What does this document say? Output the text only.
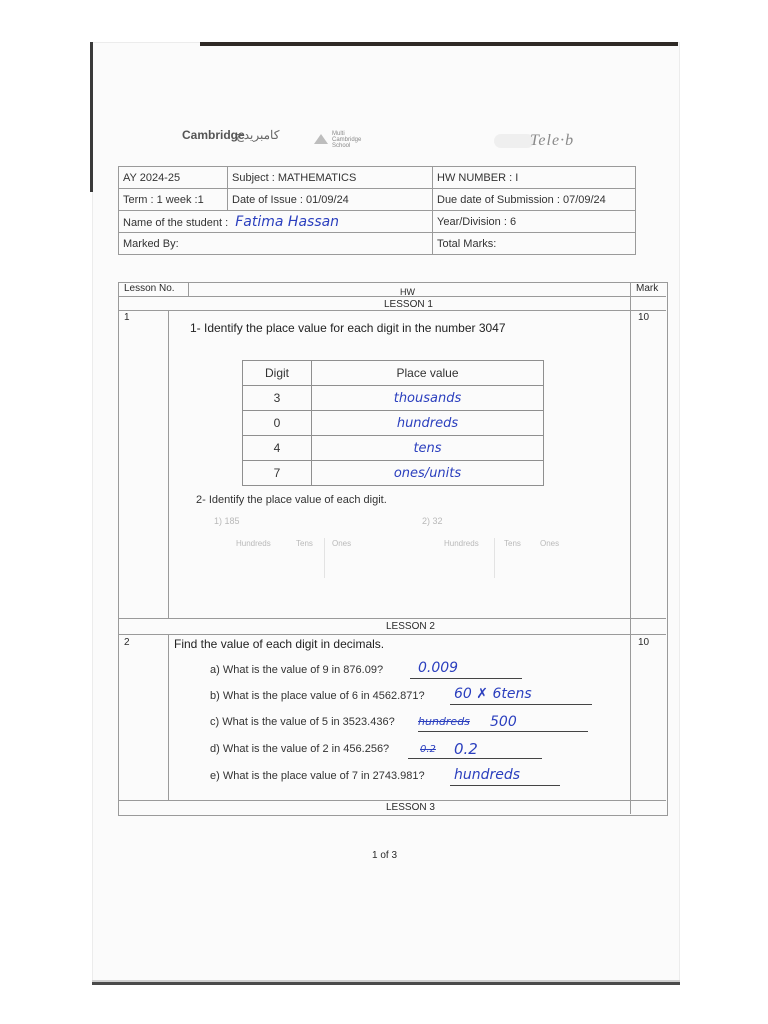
Cambridge
كامبريدج	Multi
Cambridge
School	Tele·b
AY 2024-25	Subject : MATHEMATICS	HW NUMBER : I
Term : 1 week :1	Date of Issue : 01/09/24	Due date of Submission : 07/09/24
Name of the student : Fatima Hassan		Year/Division : 6
Marked By:		Total Marks:
Lesson No.	HW	Mark
LESSON 1
1	10
1- Identify the place value for each digit in the number 3047
Digit	Place value
3	thousands
0	hundreds
4	tens
7	ones/units
2- Identify the place value of each digit.
1) 185	2) 32
Hundreds	Tens Ones	Hundreds	Tens Ones
LESSON 2
2	10
Find the value of each digit in decimals.
a) What is the value of 9 in 876.09? 0.009
b) What is the place value of 6 in 4562.871? 60 ✗ 6tens
c) What is the value of 5 in 3523.436? hundreds 500
d) What is the value of 2 in 456.256?	0.2 0.2
e) What is the place value of 7 in 2743.981? hundreds
LESSON 3
1 of 3
